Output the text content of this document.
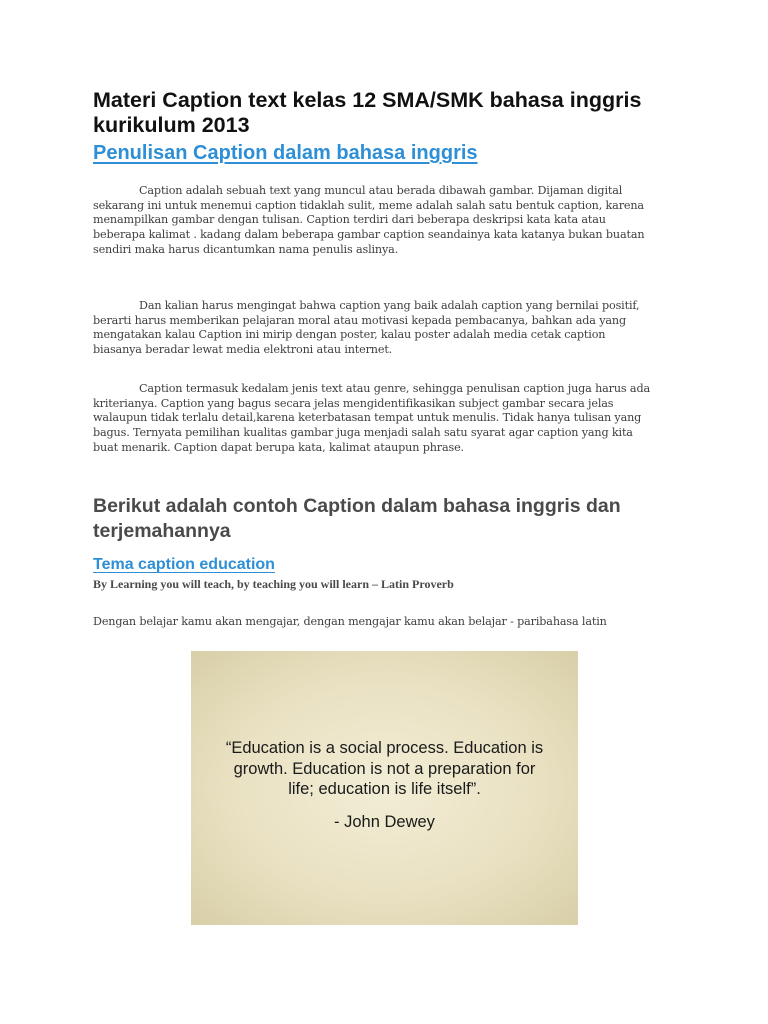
Materi Caption text kelas 12 SMA/SMK bahasa inggris kurikulum 2013
Penulisan Caption dalam bahasa inggris

Caption adalah sebuah text yang muncul atau berada dibawah gambar. Dijaman digital sekarang ini untuk menemui caption tidaklah sulit, meme adalah salah satu bentuk caption, karena menampilkan gambar dengan tulisan. Caption terdiri dari beberapa deskripsi kata kata atau beberapa kalimat . kadang dalam beberapa gambar caption seandainya kata katanya bukan buatan sendiri maka harus dicantumkan nama penulis aslinya.

Dan kalian harus mengingat bahwa caption yang baik adalah caption yang bernilai positif, berarti harus memberikan pelajaran moral atau motivasi kepada pembacanya, bahkan ada yang mengatakan kalau Caption ini mirip dengan poster, kalau poster adalah media cetak caption biasanya beradar lewat media elektroni atau internet.

Caption termasuk kedalam jenis text atau genre, sehingga penulisan caption juga harus ada kriterianya. Caption yang bagus secara jelas mengidentifikasikan subject gambar secara jelas walaupun tidak terlalu detail,karena keterbatasan tempat untuk menulis. Tidak hanya tulisan yang bagus. Ternyata pemilihan kualitas gambar juga menjadi salah satu syarat agar caption yang kita buat menarik. Caption dapat berupa kata, kalimat ataupun phrase.

Berikut adalah contoh Caption dalam bahasa inggris dan terjemahannya
Tema caption education

By Learning you will teach, by teaching you will learn – Latin Proverb

Dengan belajar kamu akan mengajar, dengan mengajar kamu akan belajar - paribahasa latin

“Education is a social process. Education is growth. Education is not a preparation for life; education is life itself”.
- John Dewey
